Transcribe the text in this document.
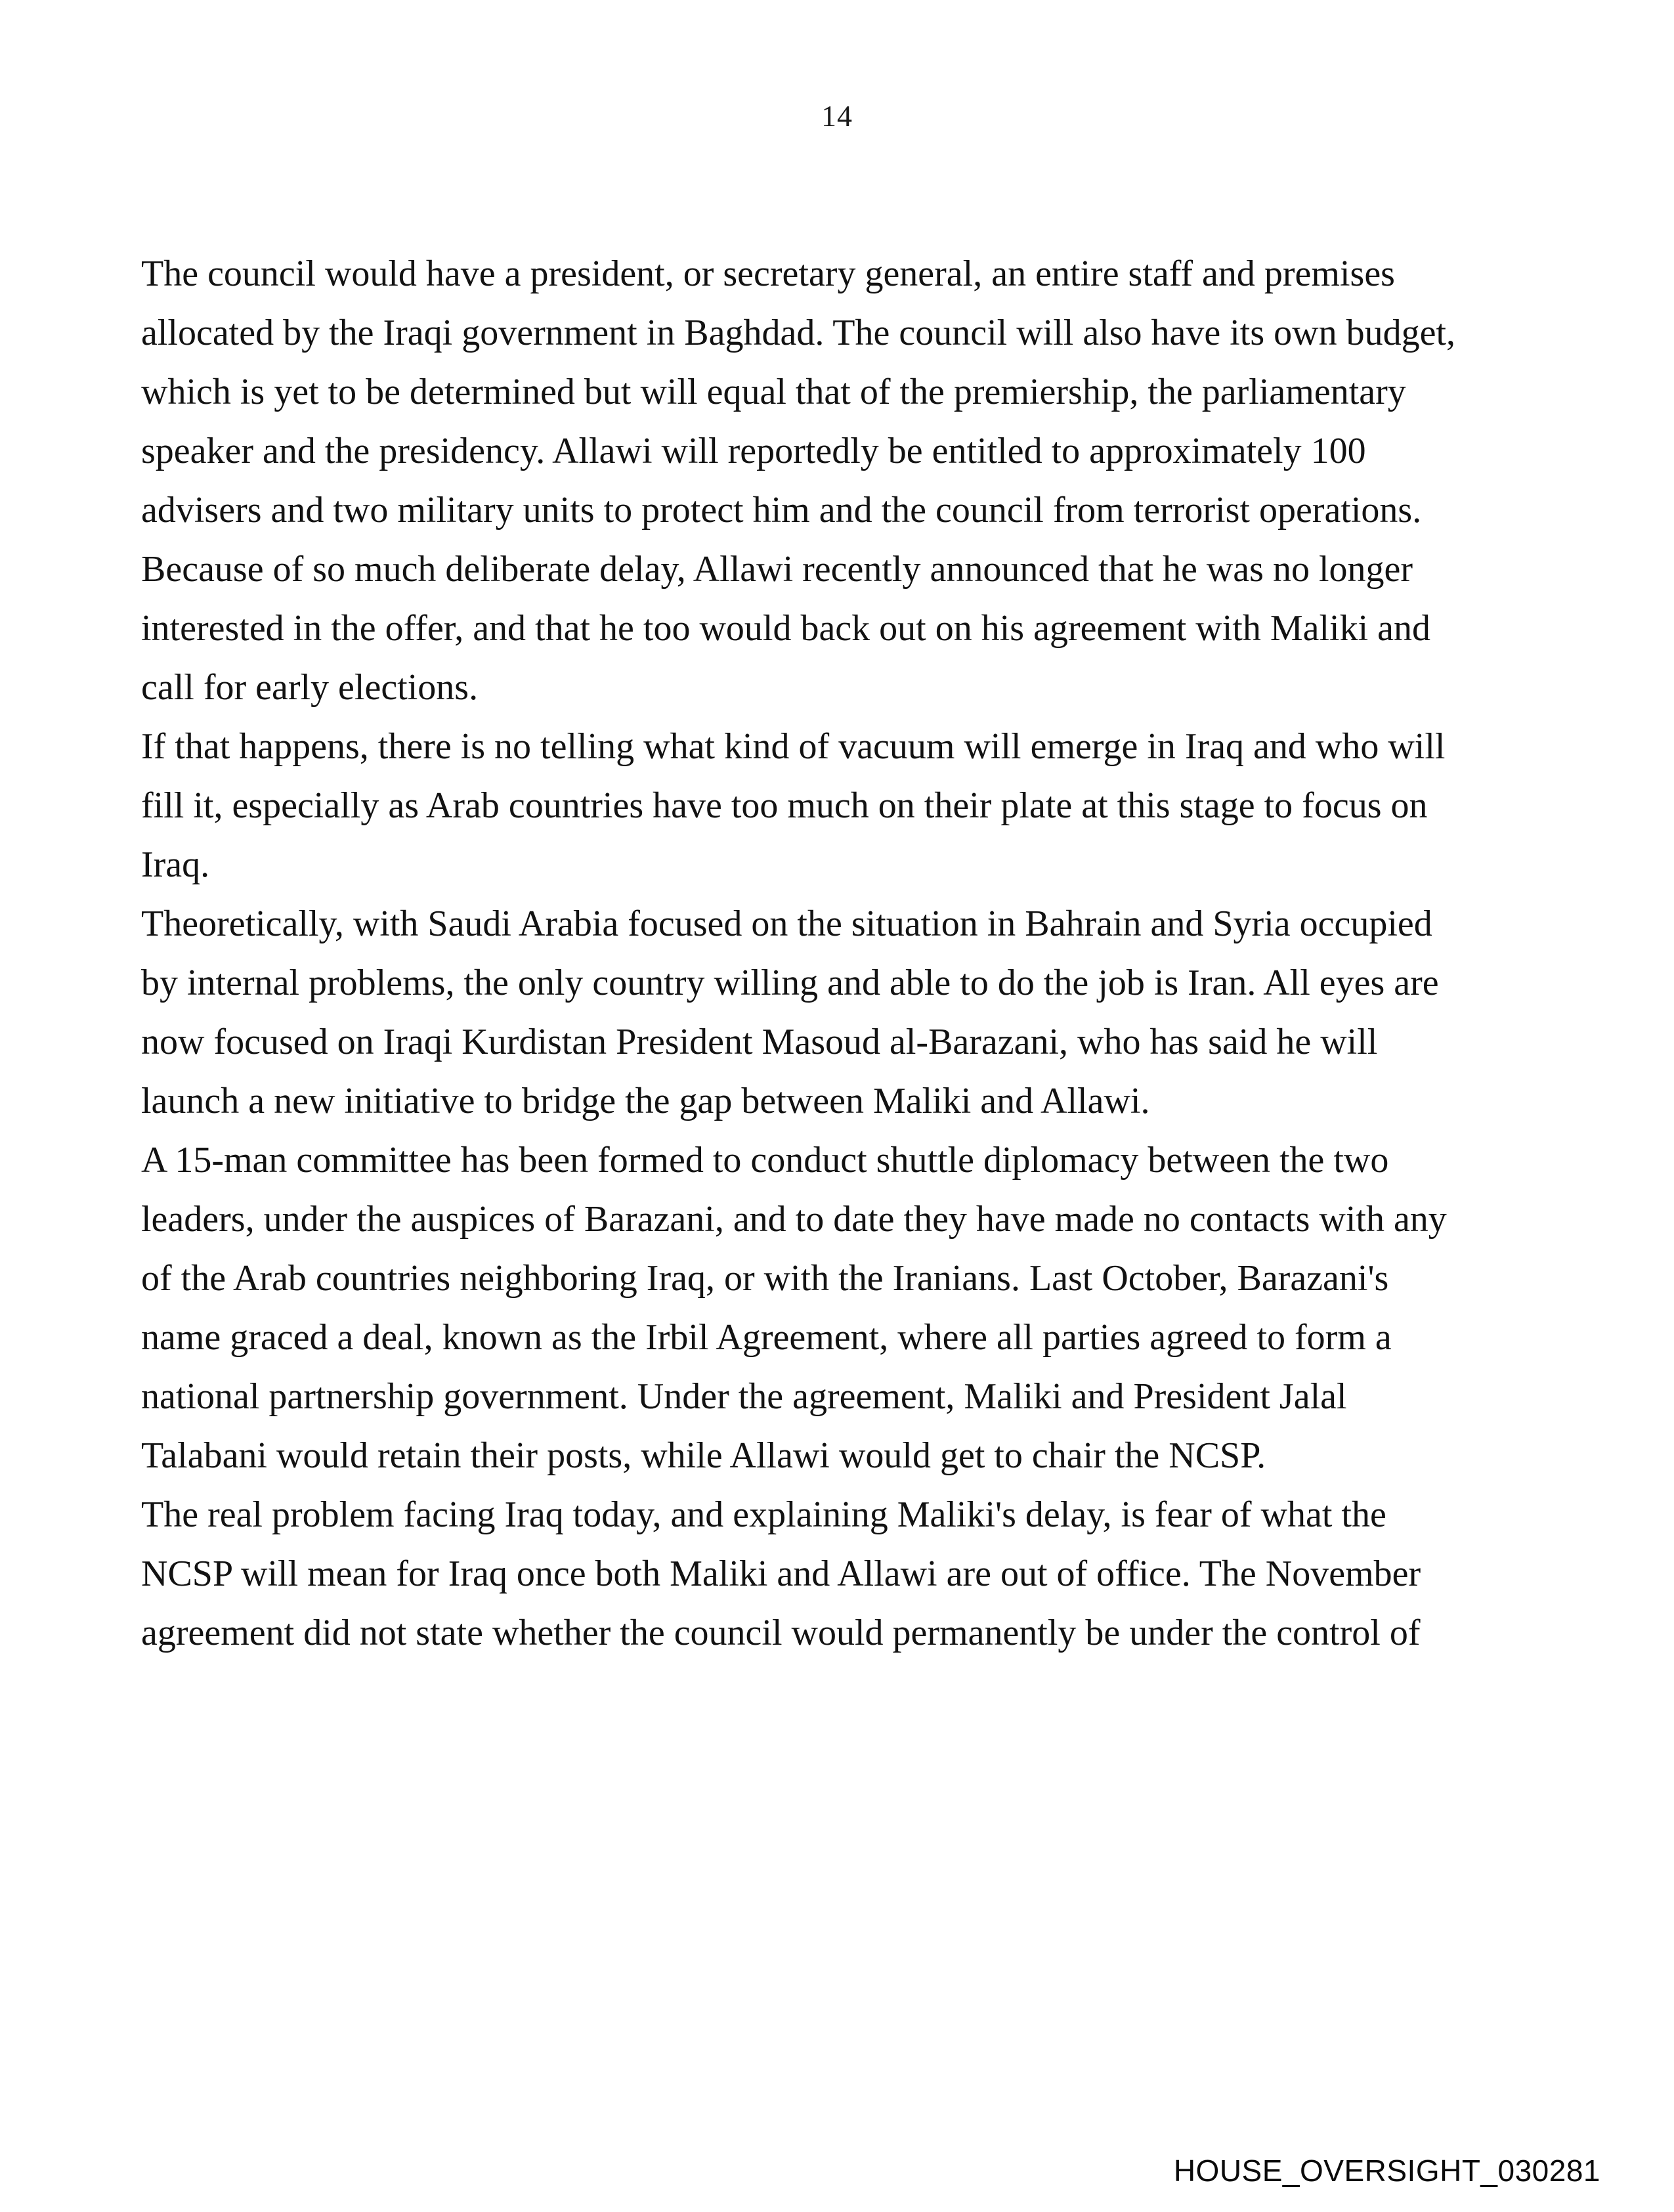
14

The council would have a president, or secretary general, an entire staff and premises allocated by the Iraqi government in Baghdad. The council will also have its own budget, which is yet to be determined but will equal that of the premiership, the parliamentary speaker and the presidency. Allawi will reportedly be entitled to approximately 100 advisers and two military units to protect him and the council from terrorist operations.

Because of so much deliberate delay, Allawi recently announced that he was no longer interested in the offer, and that he too would back out on his agreement with Maliki and call for early elections.

If that happens, there is no telling what kind of vacuum will emerge in Iraq and who will fill it, especially as Arab countries have too much on their plate at this stage to focus on Iraq.

Theoretically, with Saudi Arabia focused on the situation in Bahrain and Syria occupied by internal problems, the only country willing and able to do the job is Iran. All eyes are now focused on Iraqi Kurdistan President Masoud al-Barazani, who has said he will launch a new initiative to bridge the gap between Maliki and Allawi.

A 15-man committee has been formed to conduct shuttle diplomacy between the two leaders, under the auspices of Barazani, and to date they have made no contacts with any of the Arab countries neighboring Iraq, or with the Iranians. Last October, Barazani's name graced a deal, known as the Irbil Agreement, where all parties agreed to form a national partnership government. Under the agreement, Maliki and President Jalal Talabani would retain their posts, while Allawi would get to chair the NCSP.

The real problem facing Iraq today, and explaining Maliki's delay, is fear of what the NCSP will mean for Iraq once both Maliki and Allawi are out of office. The November agreement did not state whether the council would permanently be under the control of

HOUSE_OVERSIGHT_030281
